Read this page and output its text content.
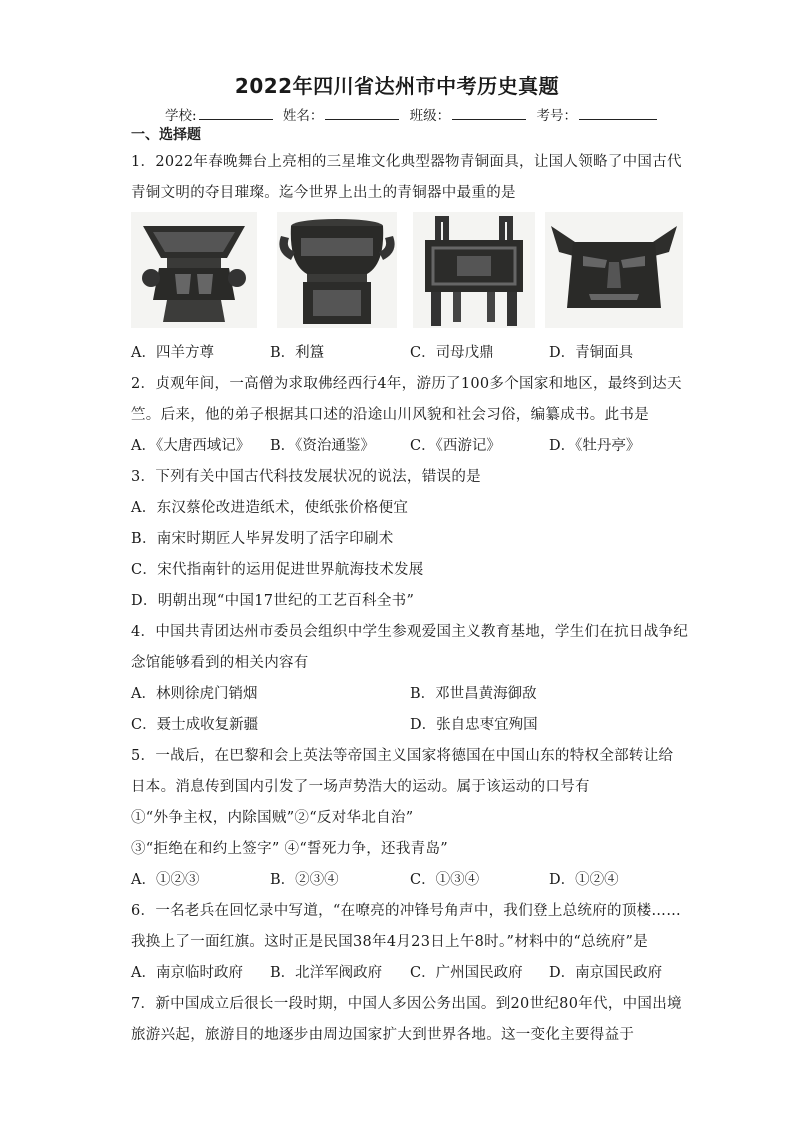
2022年四川省达州市中考历史真题
学校:	姓名：	班级：	考号：
一、选择题
1．2022年春晚舞台上亮相的三星堆文化典型器物青铜面具，让国人领略了中国古代
青铜文明的夺目璀璨。迄今世界上出土的青铜器中最重的是
A．四羊方尊	B．利簋	C．司母戊鼎	D．青铜面具
2．贞观年间，一高僧为求取佛经西行4年，游历了100多个国家和地区，最终到达天
竺。后来，他的弟子根据其口述的沿途山川风貌和社会习俗，编纂成书。此书是
A．《大唐西域记》 B．《资治通鉴》 C．《西游记》	D．《牡丹亭》
3．下列有关中国古代科技发展状况的说法，错误的是
A．东汉蔡伦改进造纸术，使纸张价格便宜
B．南宋时期匠人毕昇发明了活字印刷术
C．宋代指南针的运用促进世界航海技术发展
D．明朝出现“中国17世纪的工艺百科全书”
4．中国共青团达州市委员会组织中学生参观爱国主义教育基地，学生们在抗日战争纪
念馆能够看到的相关内容有
A．林则徐虎门销烟	B．邓世昌黄海御敌
C．聂士成收复新疆	D．张自忠枣宜殉国
5．一战后，在巴黎和会上英法等帝国主义国家将德国在中国山东的特权全部转让给
日本。消息传到国内引发了一场声势浩大的运动。属于该运动的口号有
①“外争主权，内除国贼”②“反对华北自治”
③“拒绝在和约上签字” ④“誓死力争，还我青岛”
A．①②③	B．②③④	C．①③④	D．①②④
6．一名老兵在回忆录中写道，“在嘹亮的冲锋号角声中，我们登上总统府的顶楼……
我换上了一面红旗。这时正是民国38年4月23日上午8时。”材料中的“总统府”是
A．南京临时政府 B．北洋军阀政府 C．广州国民政府 D．南京国民政府
7．新中国成立后很长一段时期，中国人多因公务出国。到20世纪80年代，中国出境
旅游兴起，旅游目的地逐步由周边国家扩大到世界各地。这一变化主要得益于
